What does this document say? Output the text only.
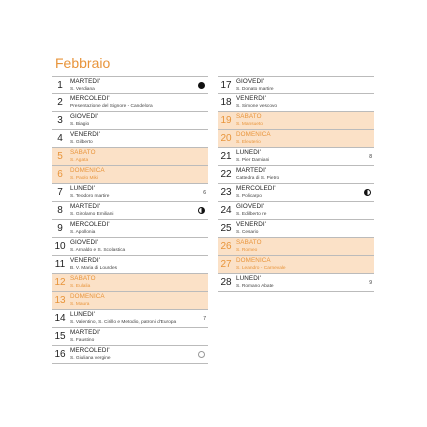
Febbraio
1	MARTEDI'
S. Verdiana
2	MERCOLEDI'
Presentazione del Signore - Candelora
3	GIOVEDI'
S. Biagio
4	VENERDI'
S. Gilberto
5	SABATO
S. Agata
6	DOMENICA
S. Paolo Miki
7	LUNEDI'
S. Teodoro martire
6
8	MARTEDI'
S. Girolamo Emiliani
9	MERCOLEDI'
S. Apollonia
10 GIOVEDI'
S. Arnaldo e S. Scolastica
11 VENERDI'
B. V. Maria di Lourdes
12 SABATO
S. Eulalia
13 DOMENICA
S. Maura
14 LUNEDI'
S. Valentino, S. Cirillo e Metodio, patroni d'Europa
7
15 MARTEDI'
S. Faustino
16 MERCOLEDI'
S. Giuliana vergine
17 GIOVEDI'
S. Donato martire
18 VENERDI'
S. Simone vescovo
19 SABATO
S. Mansueto
20 DOMENICA
S. Eleuterio
21 LUNEDI'
S. Pier Damiani
8
22 MARTEDI'
Cattedra di S. Pietro
23 MERCOLEDI'
S. Policarpo
24 GIOVEDI'
S. Edilberto re
25 VENERDI'
S. Cesario
26 SABATO
S. Romeo
27 DOMENICA
S. Leandro - Carnevale
28 LUNEDI'
S. Romano Abate
9
